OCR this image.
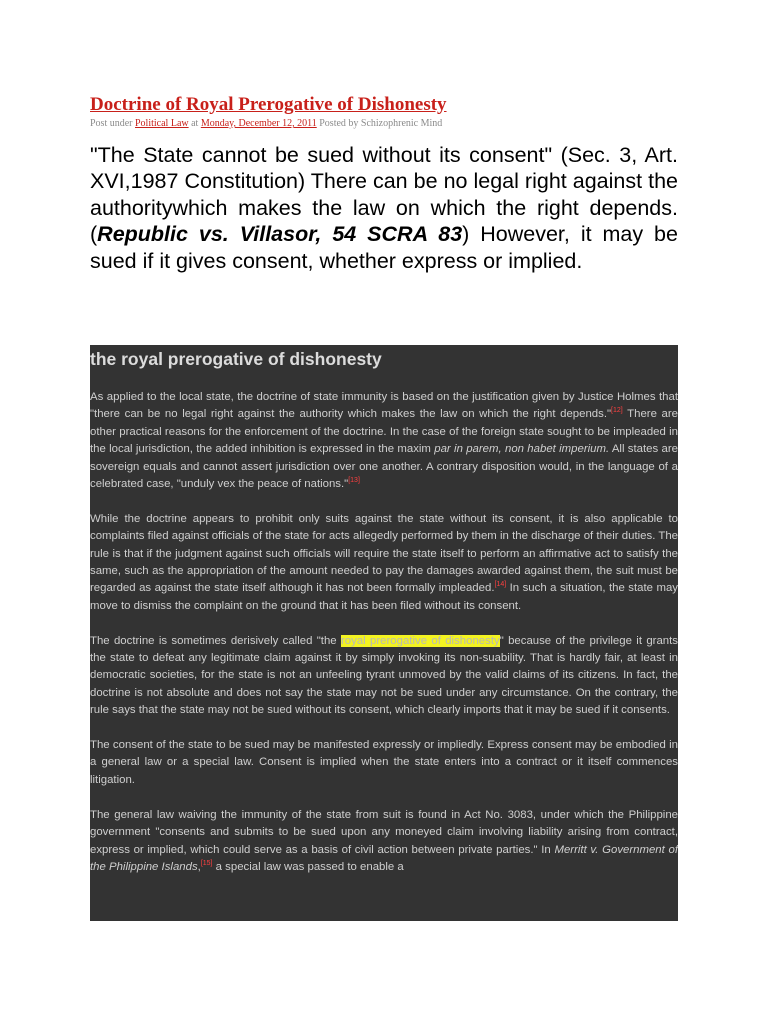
Doctrine of Royal Prerogative of Dishonesty
Post under Political Law at Monday, December 12, 2011 Posted by Schizophrenic Mind
"The State cannot be sued without its consent" (Sec. 3, Art. XVI,1987 Constitution) There can be no legal right against the authoritywhich makes the law on which the right depends. (Republic vs. Villasor, 54 SCRA 83) However, it may be sued if it gives consent, whether express or implied.
the royal prerogative of dishonesty

As applied to the local state, the doctrine of state immunity is based on the justification given by Justice Holmes that "there can be no legal right against the authority which makes the law on which the right depends."[12] There are other practical reasons for the enforcement of the doctrine. In the case of the foreign state sought to be impleaded in the local jurisdiction, the added inhibition is expressed in the maxim par in parem, non habet imperium. All states are sovereign equals and cannot assert jurisdiction over one another. A contrary disposition would, in the language of a celebrated case, "unduly vex the peace of nations."[13]

While the doctrine appears to prohibit only suits against the state without its consent, it is also applicable to complaints filed against officials of the state for acts allegedly performed by them in the discharge of their duties. The rule is that if the judgment against such officials will require the state itself to perform an affirmative act to satisfy the same, such as the appropriation of the amount needed to pay the damages awarded against them, the suit must be regarded as against the state itself although it has not been formally impleaded.[14] In such a situation, the state may move to dismiss the complaint on the ground that it has been filed without its consent.

The doctrine is sometimes derisively called "the royal prerogative of dishonesty" because of the privilege it grants the state to defeat any legitimate claim against it by simply invoking its non-suability. That is hardly fair, at least in democratic societies, for the state is not an unfeeling tyrant unmoved by the valid claims of its citizens. In fact, the doctrine is not absolute and does not say the state may not be sued under any circumstance. On the contrary, the rule says that the state may not be sued without its consent, which clearly imports that it may be sued if it consents.

The consent of the state to be sued may be manifested expressly or impliedly. Express consent may be embodied in a general law or a special law. Consent is implied when the state enters into a contract or it itself commences litigation.

The general law waiving the immunity of the state from suit is found in Act No. 3083, under which the Philippine government "consents and submits to be sued upon any moneyed claim involving liability arising from contract, express or implied, which could serve as a basis of civil action between private parties." In Merritt v. Government of the Philippine Islands,[15] a special law was passed to enable a
